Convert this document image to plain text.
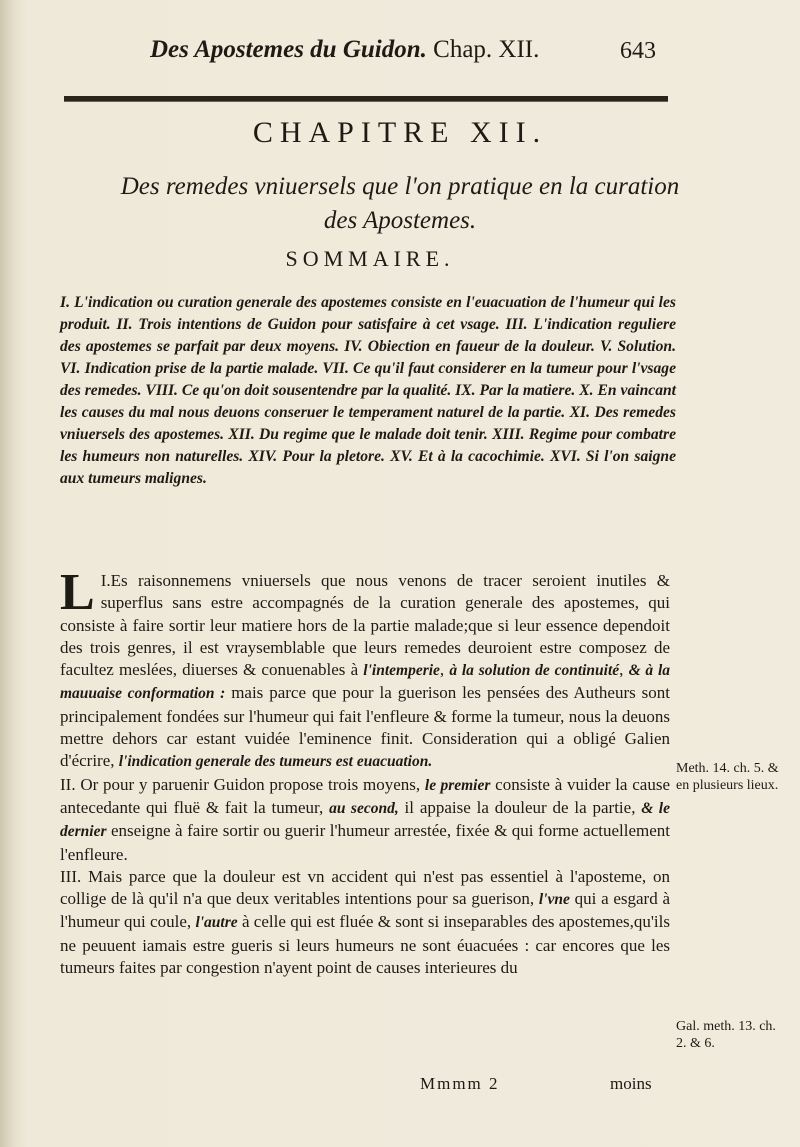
Des Apostemes du Guidon. Chap. XII.	643
CHAPITRE XII.
Des remedes vniuersels que l'on pratique en la curation
des Apostemes.
SOMMAIRE.
I. L'indication ou curation generale des apostemes consiste en l'euacuation de l'humeur qui les produit. II. Trois intentions de Guidon pour satisfaire à cet vsage. III. L'indication reguliere des apostemes se parfait par deux moyens. IV. Obiection en faueur de la douleur. V. Solution. VI. Indication prise de la partie malade. VII. Ce qu'il faut considerer en la tumeur pour l'vsage des remedes. VIII. Ce qu'on doit sousentendre par la qualité. IX. Par la matiere. X. En vaincant les causes du mal nous deuons conseruer le temperament naturel de la partie. XI. Des remedes vniuersels des apostemes. XII. Du regime que le malade doit tenir. XIII. Regime pour combatre les humeurs non naturelles. XIV. Pour la pletore. XV. Et à la cacochimie. XVI. Si l'on saigne aux tumeurs malignes.

I.
L Es raisonnemens vniuersels que nous venons de tracer seroient inutiles & superflus sans estre accompagnés de la curation generale des apostemes, qui consiste à faire sortir leur matiere hors de la partie malade;que si leur essence dependoit des trois genres, il est vraysemblable que leurs remedes deuroient estre composez de facultez meslées, diuerses & conuenables à l'intemperie, à la solution de continuité, & à la mauuaise conformation : mais parce que pour la guerison les pensées des Autheurs sont principalement fondées sur l'humeur qui fait l'enfleure & forme la tumeur, nous la deuons mettre dehors car estant vuidée l'eminence finit. Consideration qui a obligé Galien d'écrire, l'indication generale des tumeurs est euacuation.

II. Or pour y paruenir Guidon propose trois moyens, le premier consiste à vuider la cause antecedante qui fluë & fait la tumeur, au second, il appaise la douleur de la partie, & le dernier enseigne à faire sortir ou guerir l'humeur arrestée, fixée & qui forme actuellement l'enfleure.

III. Mais parce que la douleur est vn accident qui n'est pas essentiel à l'aposteme, on collige de là qu'il n'a que deux veritables intentions pour sa guerison, l'vne qui a esgard à l'humeur qui coule, l'autre à celle qui est fluée & sont si inseparables des apostemes,qu'ils ne peuuent iamais estre gueris si leurs humeurs ne sont éuacuées : car encores que les tumeurs faites par congestion n'ayent point de causes interieures du

Meth. 14. ch. 5. & en plusieurs lieux.
Gal. meth. 13. ch. 2. & 6.
Mmmm 2	moins
